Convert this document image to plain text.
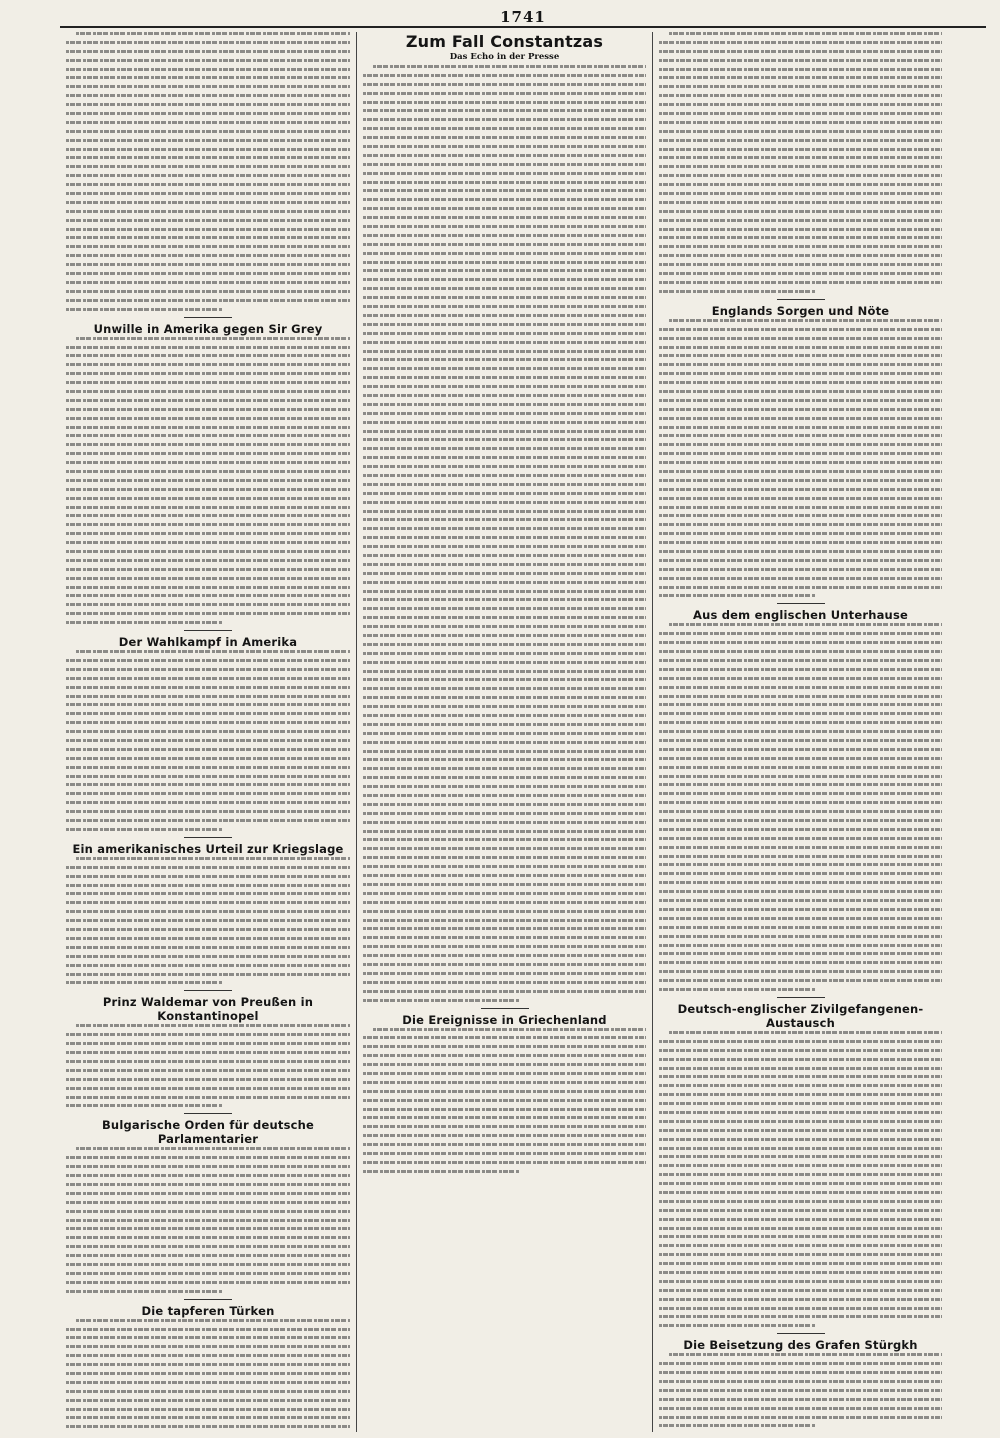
1741
Unwille in Amerika gegen Sir Grey
Der Wahlkampf in Amerika
Ein amerikanisches Urteil zur Kriegslage
Prinz Waldemar von Preußen in Konstantinopel
Bulgarische Orden für deutsche Parlamentarier
Die tapferen Türken
Zum Fall Constantzas
Das Echo in der Presse
Die Ereignisse in Griechenland
Englands Sorgen und Nöte
Aus dem englischen Unterhause
Deutsch-englischer Zivilgefangenen-Austausch
Die Beisetzung des Grafen Stürgkh
